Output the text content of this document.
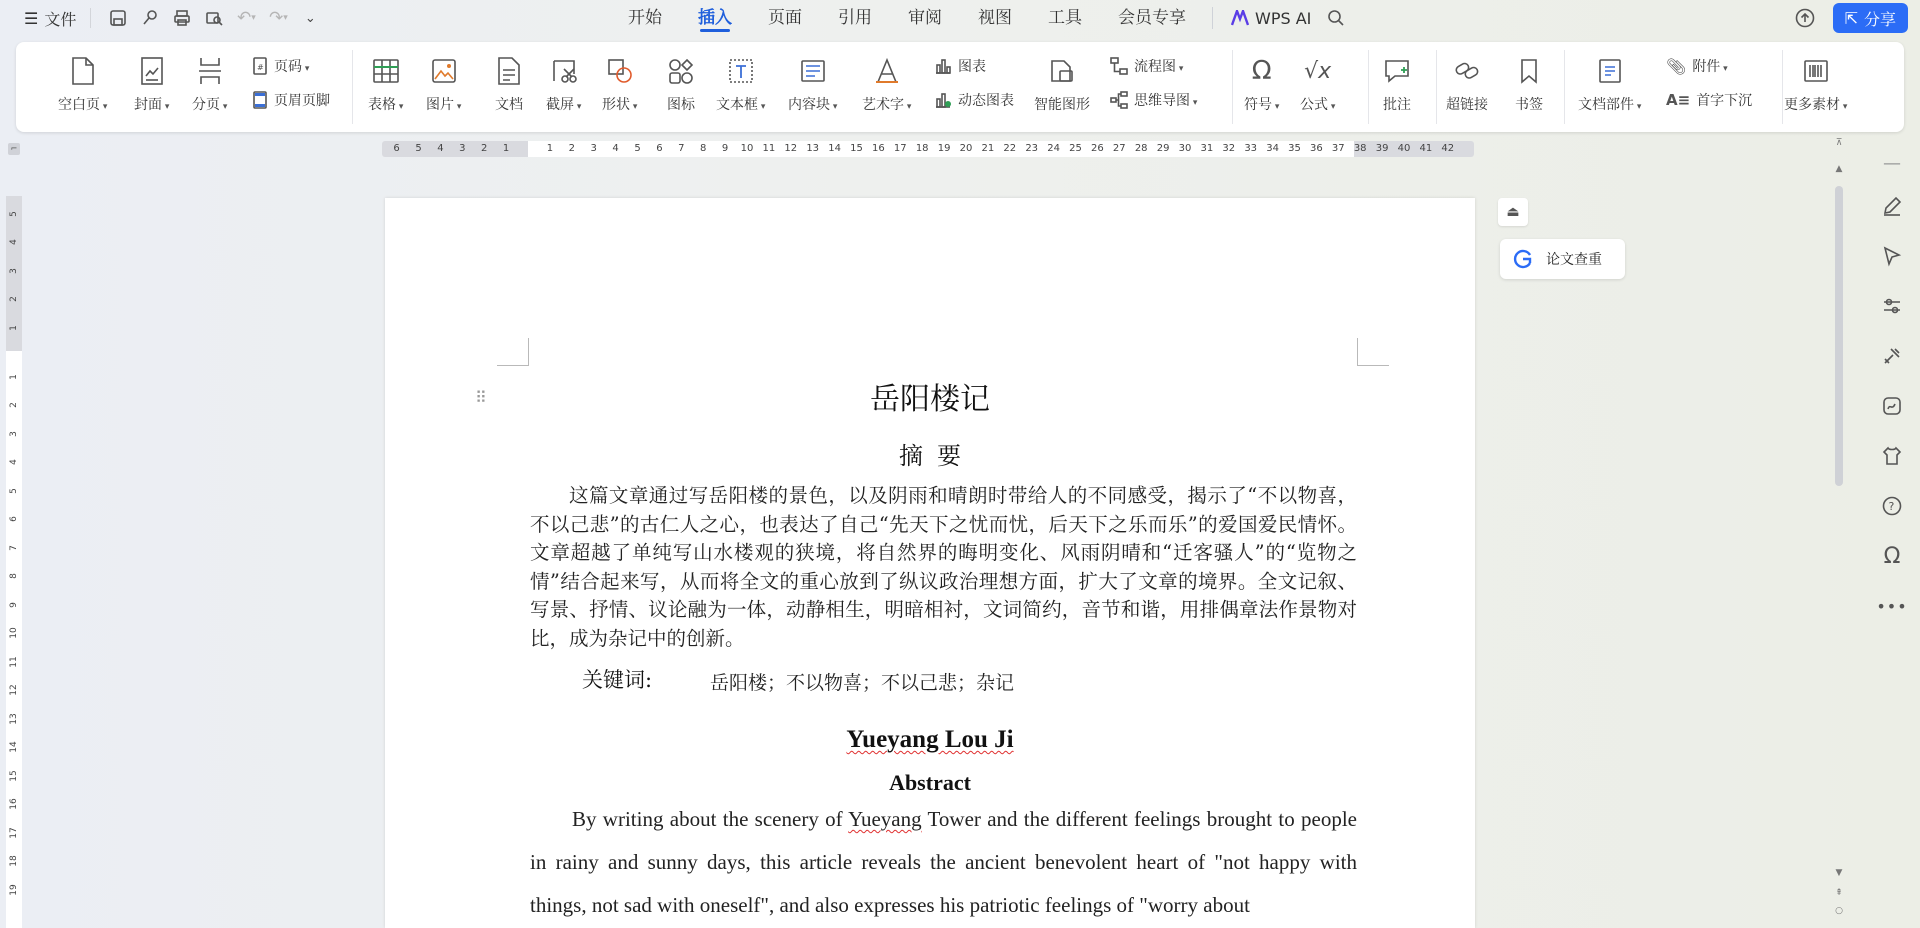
☰ 文件	↶ ▾ ↷ ▾	⌄	开始	插入	页面	引用	审阅	视图	工具	会员专享	WPS AI	⇱ 分享
空白页 ▾	封面 ▾	分页 ▾
# 页码 ▾
页眉页脚	表格 ▾	图片 ▾	文档 截屏 ▾	形状 ▾	图标 文本框 ▾	内容块 ▾	艺术字 ▾
图表
动态图表 智能图形
流程图 ▾
思维导图 ▾
Ω
符号 ▾
√x
公式 ▾	批注	超链接 书签	文档部件 ▾
📎︎ 附件 ▾
A≡ 首字下沉 更多素材 ▾
⌐	6	5	4	3	2	1	1	2	3	4	5	6	7	8	9	10 11 12 13 14 15 16 17 18 19 20 21 22 23 24 25 26 27 28 29 30 31 32 33 34 35 36 37 38 39 40 41 42
5
4
3
2
1
1
2
3
4
5
6
7
8
9
10
11
12
13
14
15
16
17
18
19
⠿	岳阳楼记
摘要
这篇文章通过写岳阳楼的景色，以及阴雨和晴朗时带给人的不同感受，揭示了“不以物喜，不以己悲”的古仁人之心，也表达了自己“先天下之忧而忧，后天下之乐而乐”的爱国爱民情怀。文章超越了单纯写山水楼观的狭境，将自然界的晦明变化、风雨阴晴和“迁客骚人”的“览物之情”结合起来写，从而将全文的重心放到了纵议政治理想方面，扩大了文章的境界。全文记叙、写景、抒情、议论融为一体，动静相生，明暗相衬，文词简约，音节和谐，用排偶章法作景物对比，成为杂记中的创新。
关键词:	岳阳楼；不以物喜；不以己悲；杂记
Yueyang Lou Ji
Abstract
By writing about the scenery of Yueyang Tower and the different feelings brought to people in rainy and sunny days, this article reveals the ancient benevolent heart of "not happy with things, not sad with oneself", and also expresses his patriotic feelings of "worry about
⏏
论文查重
⊼
▲
▼
⇞
○
—
?
Ω
•••
